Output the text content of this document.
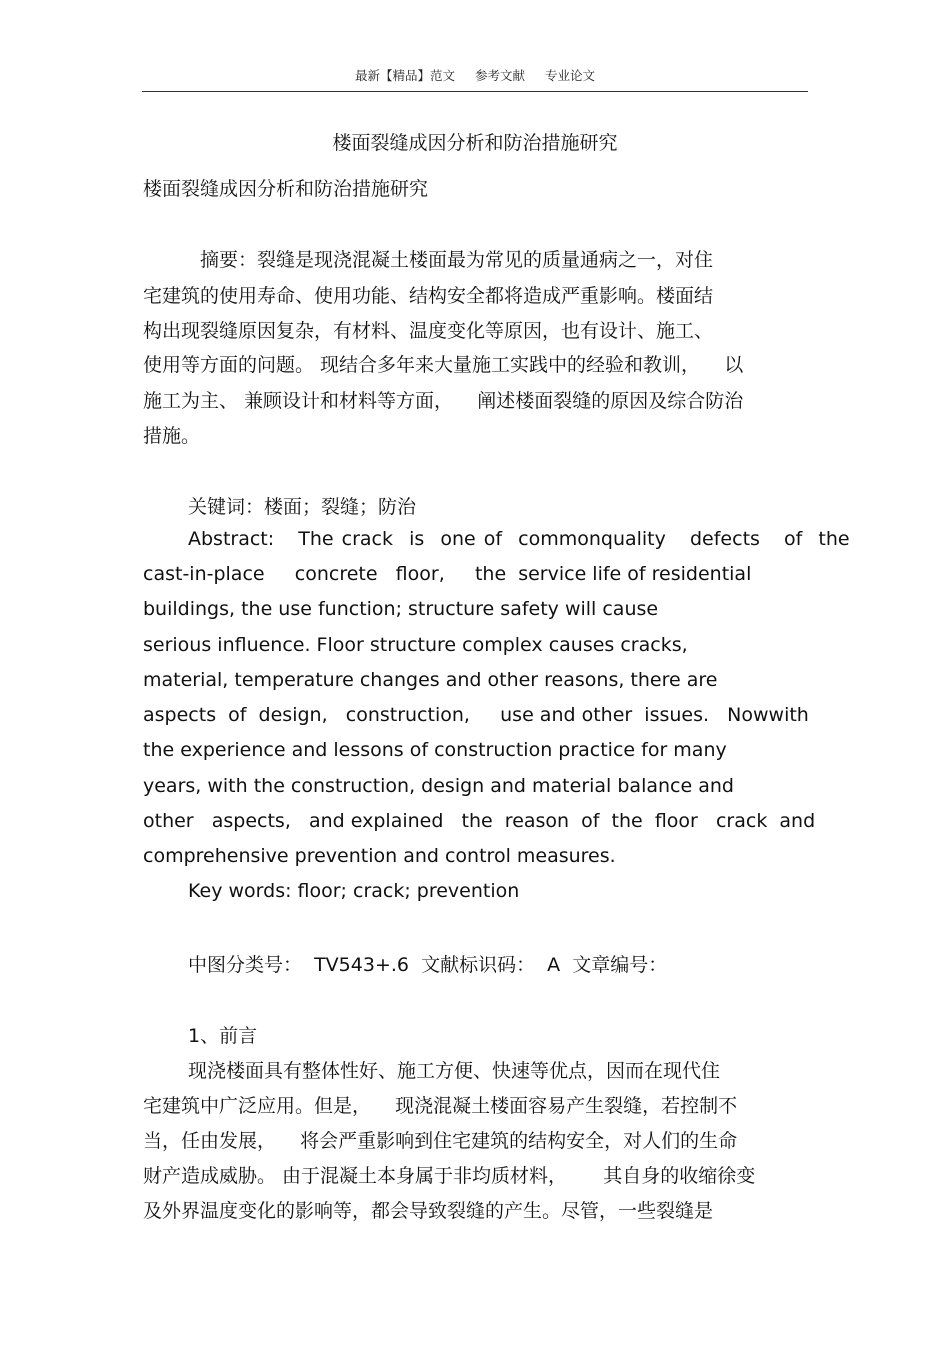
最新【精品】范文 参考文献 专业论文
楼面裂缝成因分析和防治措施研究
楼面裂缝成因分析和防治措施研究
摘要：裂缝是现浇混凝土楼面最为常见的质量通病之一，对住
宅建筑的使用寿命、使用功能、结构安全都将造成严重影响。楼面结
构出现裂缝原因复杂，有材料、温度变化等原因，也有设计、施工、
使用等方面的问题。 现结合多年来大量施工实践中的经验和教训，    以
施工为主、 兼顾设计和材料等方面，    阐述楼面裂缝的原因及综合防治
措施。
关键词：楼面；裂缝；防治
Abstract:   The crack  is  one of  commonquality   defects   of  the
cast-in-place     concrete   floor,     the  service life of residential
buildings, the use function; structure safety will cause
serious influence. Floor structure complex causes cracks,
material, temperature changes and other reasons, there are
aspects  of  design,   construction,     use and other  issues.   Nowwith
the experience and lessons of construction practice for many
years, with the construction, design and material balance and
other   aspects,   and explained   the  reason  of  the  floor   crack  and
comprehensive prevention and control measures.
Key words: floor; crack; prevention
中图分类号：  TV543+.6  文献标识码：  A  文章编号：
1、前言
现浇楼面具有整体性好、施工方便、快速等优点，因而在现代住
宅建筑中广泛应用。但是，    现浇混凝土楼面容易产生裂缝，若控制不
当，任由发展，    将会严重影响到住宅建筑的结构安全，对人们的生命
财产造成威胁。 由于混凝土本身属于非均质材料，      其自身的收缩徐变
及外界温度变化的影响等，都会导致裂缝的产生。尽管，一些裂缝是
